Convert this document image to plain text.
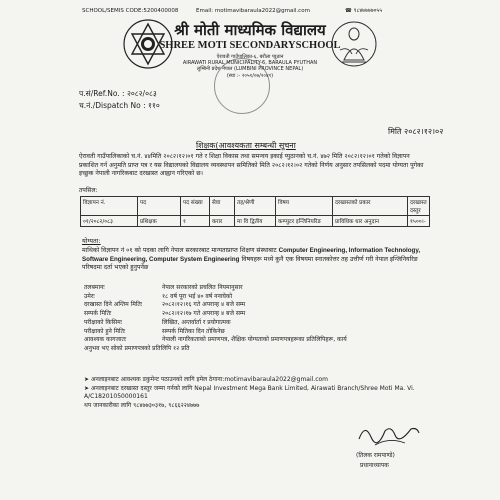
SCHOOL/SEMIS CODE:5200400008	Email: motimavibaraula2022@gmail.com	☎ ९८४७७७७०५५
श्री मोती माध्यमिक विद्यालय
SHREE MOTI SECONDARYSCHOOL
ऐरावती गाउँपालिका-६, बरौला प्युठान
AIRAWATI RURAL MUNICIPALITY-6, BARAULA PYUTHAN
लुम्बिनी प्रदेश नेपाल (LUMBINI PROVINCE NEPAL)
(स्था :- २०५१/०७/२०४९)
प.सं/Ref.No. : २०८२/०८३
च.नं./Dispatch No : ११०
मिति २०८२।१२।०२
शिक्षक(आवश्यकता सम्बन्धी सूचना
ऐरावती गाउँपालिकाको च.नं. ४४मिति २०८२।१२।०१ गते र शिक्षा विकास तथा समन्वय इकाई प्युठानको च.नं. ४७२ मिति २०८२।१२।०१ गतेको विज्ञापन प्रकाशित गर्न अनुमति प्राप्त पत्र र यस विद्यालयको विद्यालय व्यवस्थापन समितिको मिति २०८२।१२।०२ गतेको निर्णय अनुसार तपसिलको पदमा योग्यता पुगेका इच्छुक नेपाली नागरिकबाट दरखास्त आह्वान गरिएको छ।
तपसिल:
विज्ञापन नं.	पद	पद संख्या	सेवा	तह/श्रेणी	विषय	दरखास्तको प्रकार	दरखास्त दस्तुर
०१/२०८२/०८३	प्रशिक्षक	१	करार	मा वि द्वितीय	कम्प्युटर इन्जिनियरिङ	प्राविधिक धार अनुदान	१५००।-
योग्यता:
माथिको विज्ञापन नं ०१ को पदका लागि नेपाल सरकारबाट मान्यताप्राप्त शिक्षण संस्थाबाट Computer Engineering, Information Technology, Software Engineering, Computer System Engineering विषयहरू मध्ये कुनै एक विषयमा स्नातकोत्तर तह उत्तीर्ण गरी नेपाल इन्जिनियरिङ परिषदमा दर्ता भएको हुनुपर्नेछ
तलबमानः	नेपाल सरकारको प्रचलित नियमानुसार
उमेरः	१८ वर्ष पूरा भई ४० वर्ष ननाघेको
दरखास्त दिने अन्तिम मितिः	२०८२।१२।१६ गते अपरान्ह ४ बजे सम्म
सम्पर्क मितिः	२०८२।१२।१७ गते अपरान्ह ४ बजे सम्म
परीक्षाको किसिमः	लिखित, अन्तर्वार्ता र प्रयोगात्मक
परीक्षाको हुने मितिः	सम्पर्क मितिका दिन तोकिनेछ
आवश्यक कागजातः	नेपाली नागरिकताको प्रमाणपत्र, शैक्षिक योग्यताको प्रमाणपत्रहरूका प्रतिलिपिहरू, कार्य
अनुभव भए सोको प्रमाणपत्रको प्रतिलिपि १२ प्रति
➤ अनलाइनबाट आवश्यक डकुमेन्ट पठाउनको लागि इमेल ठेगाना:motimavibaraula2022@gmail.com
➤ अनलाइनबाट दरखास्त दस्तुर जम्मा गर्नको लागि Nepal Investment Mega Bank Limited, Airawati Branch/Shree Moti Ma. Vi. A/C18201050000161
थप जानकारीका लागि ९८४७७३०३१७, ९८६६२२४७७७
(तिलक रामपाण्डे)
प्रधानाध्यापक
